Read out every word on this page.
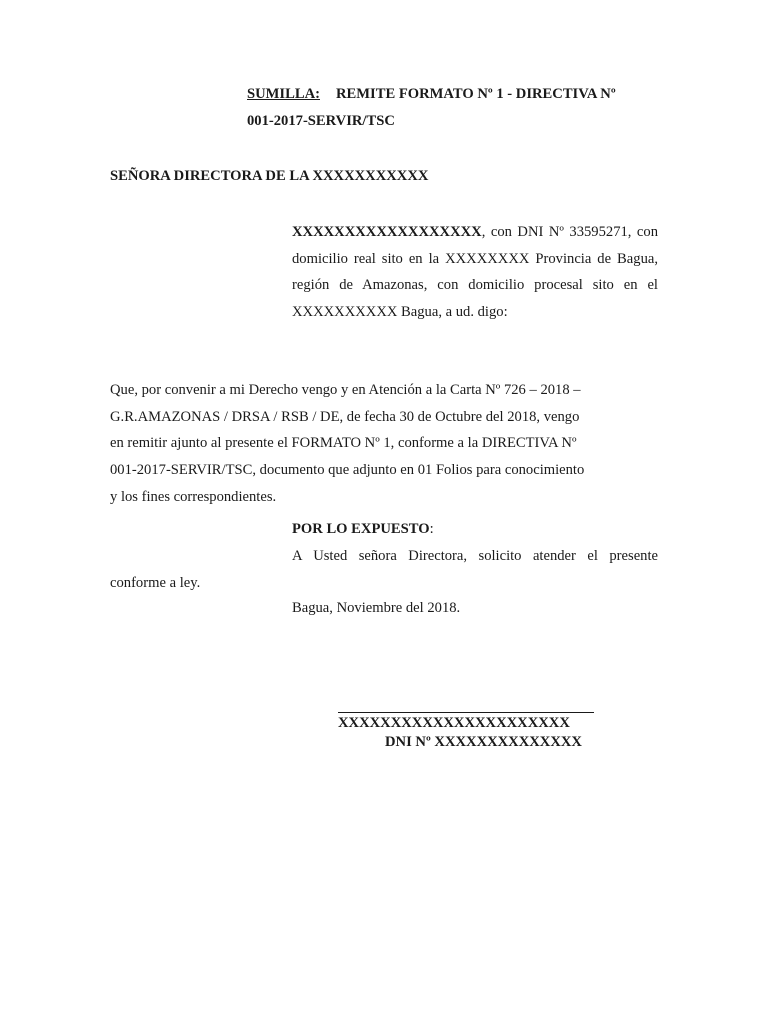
SUMILLA: REMITE FORMATO Nº 1 - DIRECTIVA Nº
001-2017-SERVIR/TSC
SEÑORA DIRECTORA DE LA XXXXXXXXXXX

XXXXXXXXXXXXXXXXXX, con DNI Nº 33595271, con domicilio real sito en la XXXXXXXX Provincia de Bagua, región de Amazonas, con domicilio procesal sito en el XXXXXXXXXX Bagua, a ud. digo:

Que, por convenir a mi Derecho vengo y en Atención a la Carta Nº 726 – 2018 –
G.R.AMAZONAS / DRSA / RSB / DE, de fecha 30 de Octubre del 2018, vengo
en remitir ajunto al presente el FORMATO Nº 1, conforme a la DIRECTIVA Nº
001-2017-SERVIR/TSC, documento que adjunto en 01 Folios para conocimiento
y los fines correspondientes.

POR LO EXPUESTO:

A Usted señora Directora, solicito atender el presente

conforme a ley.
Bagua, Noviembre del 2018.
XXXXXXXXXXXXXXXXXXXXXX
DNI Nº XXXXXXXXXXXXXX
